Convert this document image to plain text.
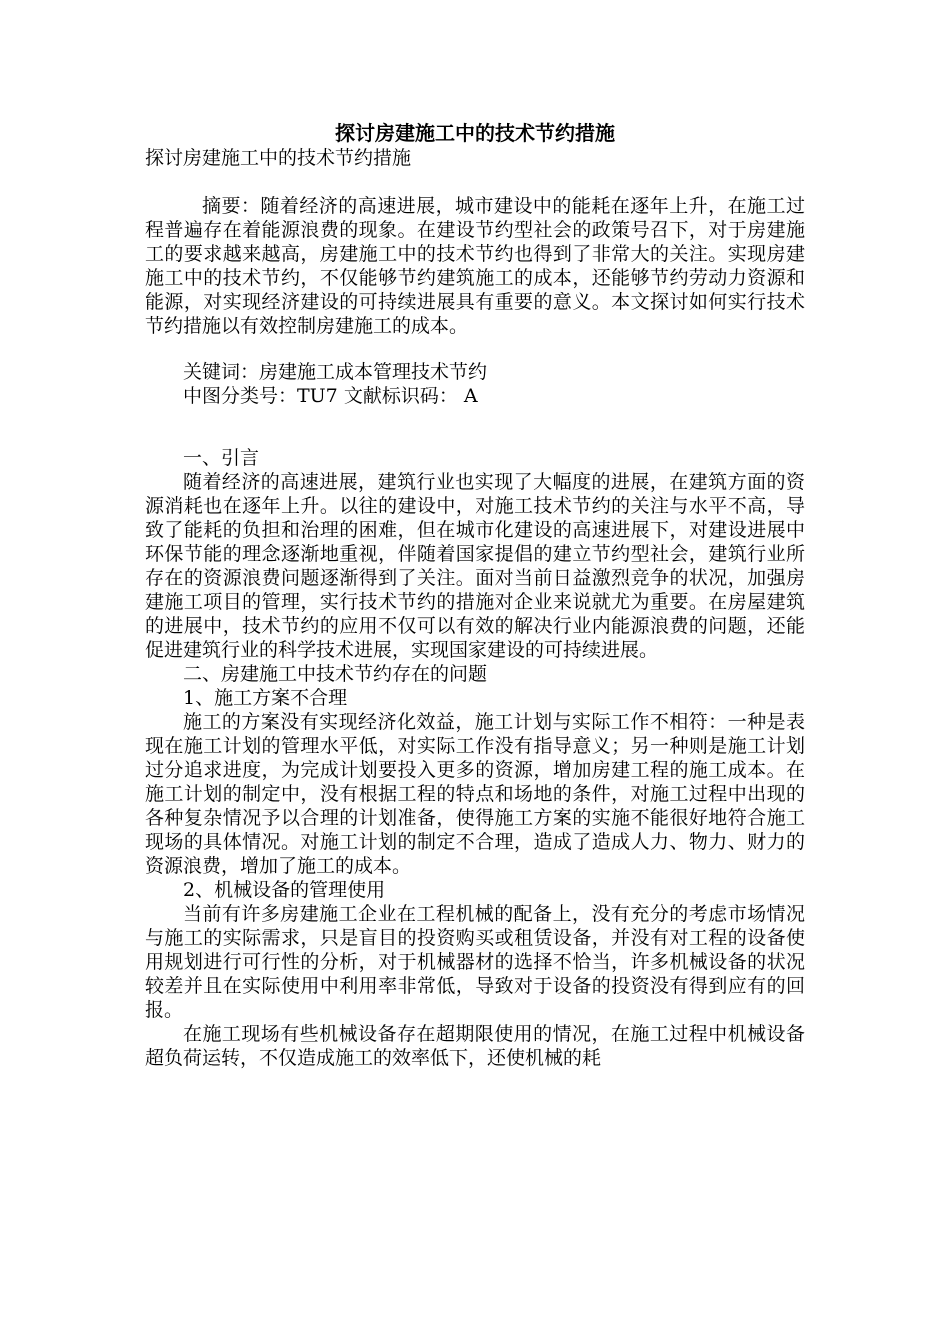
探讨房建施工中的技术节约措施

探讨房建施工中的技术节约措施

摘要：随着经济的高速进展，城市建设中的能耗在逐年上升，在施工过程普遍存在着能源浪费的现象。在建设节约型社会的政策号召下，对于房建施工的要求越来越高，房建施工中的技术节约也得到了非常大的关注。实现房建施工中的技术节约，不仅能够节约建筑施工的成本，还能够节约劳动力资源和能源，对实现经济建设的可持续进展具有重要的意义。本文探讨如何实行技术节约措施以有效控制房建施工的成本。

关键词：房建施工成本管理技术节约

中图分类号：TU7 文献标识码： A

一、引言

随着经济的高速进展，建筑行业也实现了大幅度的进展，在建筑方面的资源消耗也在逐年上升。以往的建设中，对施工技术节约的关注与水平不高，导致了能耗的负担和治理的困难，但在城市化建设的高速进展下，对建设进展中环保节能的理念逐渐地重视，伴随着国家提倡的建立节约型社会，建筑行业所存在的资源浪费问题逐渐得到了关注。面对当前日益激烈竞争的状况，加强房建施工项目的管理，实行技术节约的措施对企业来说就尤为重要。在房屋建筑的进展中，技术节约的应用不仅可以有效的解决行业内能源浪费的问题，还能促进建筑行业的科学技术进展，实现国家建设的可持续进展。

二、房建施工中技术节约存在的问题

1、施工方案不合理

施工的方案没有实现经济化效益，施工计划与实际工作不相符：一种是表现在施工计划的管理水平低，对实际工作没有指导意义；另一种则是施工计划过分追求进度，为完成计划要投入更多的资源，增加房建工程的施工成本。在施工计划的制定中，没有根据工程的特点和场地的条件，对施工过程中出现的各种复杂情况予以合理的计划准备，使得施工方案的实施不能很好地符合施工现场的具体情况。对施工计划的制定不合理，造成了造成人力、物力、财力的资源浪费，增加了施工的成本。

2、机械设备的管理使用

当前有许多房建施工企业在工程机械的配备上，没有充分的考虑市场情况与施工的实际需求，只是盲目的投资购买或租赁设备，并没有对工程的设备使用规划进行可行性的分析，对于机械器材的选择不恰当，许多机械设备的状况较差并且在实际使用中利用率非常低，导致对于设备的投资没有得到应有的回报。

在施工现场有些机械设备存在超期限使用的情况，在施工过程中机械设备超负荷运转，不仅造成施工的效率低下，还使机械的耗
